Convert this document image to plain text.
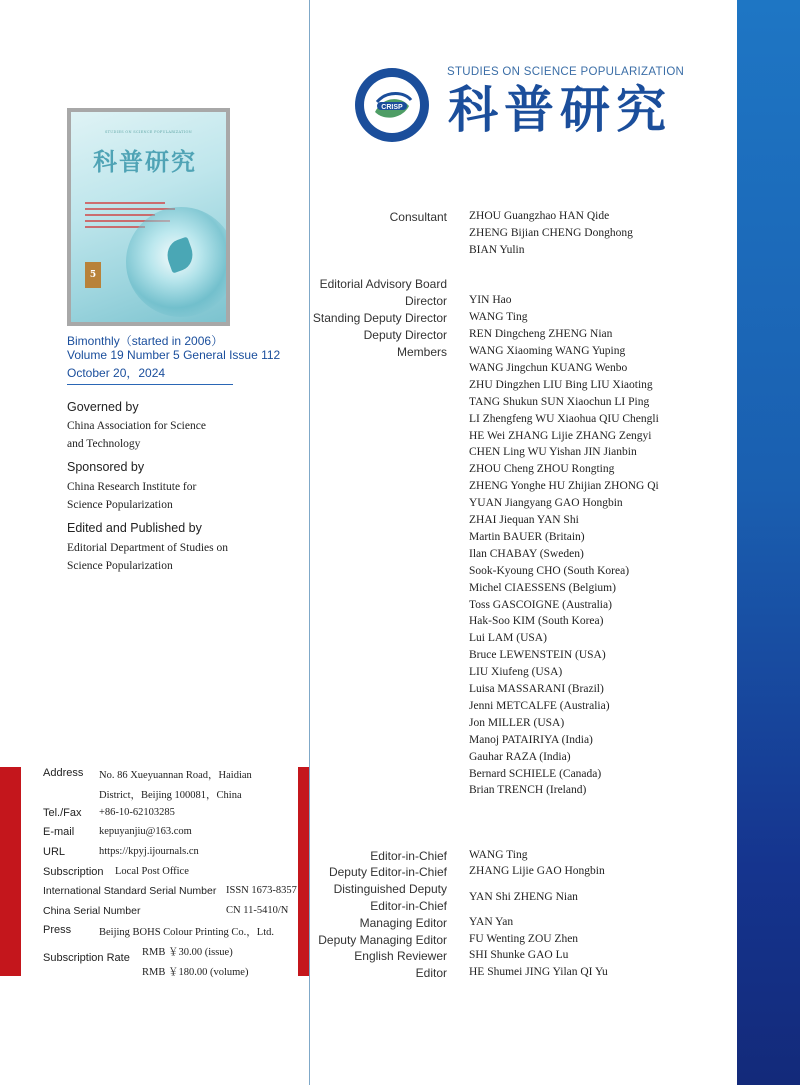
STUDIES ON SCIENCE POPULARIZATION
科普研究
5
Bimonthly（started in 2006）
Volume 19 Number 5 General Issue 112
October 20，2024
Governed by
China Association for Science
and Technology
Sponsored by
China Research Institute for
Science Popularization
Edited and Published by
Editorial Department of Studies on
Science Popularization
Address No. 86 Xueyuannan Road，Haidian
District，Beijing 100081，China
Tel./Fax +86-10-62103285
E-mail kepuyanjiu@163.com
URL	https://kpyj.ijournals.cn
Subscription Local Post Office
International Standard Serial Number ISSN 1673-8357
China Serial Number	CN 11-5410/N
Press	Beijing BOHS Colour Printing Co.，Ltd.
Subscription Rate RMB ￥30.00 (issue)
RMB ￥180.00 (volume)
CRISP
STUDIES ON SCIENCE POPULARIZATION
科普研究
Consultant ZHOU Guangzhao HAN Qide
ZHENG Bijian CHENG Donghong
BIAN Yulin
Editorial Advisory Board
Director YIN Hao
Standing Deputy Director WANG Ting
Deputy Director REN Dingcheng ZHENG Nian
Members WANG Xiaoming WANG Yuping
WANG Jingchun KUANG Wenbo
ZHU Dingzhen LIU Bing LIU Xiaoting
TANG Shukun SUN Xiaochun LI Ping
LI Zhengfeng WU Xiaohua QIU Chengli
HE Wei ZHANG Lijie ZHANG Zengyi
CHEN Ling WU Yishan JIN Jianbin
ZHOU Cheng ZHOU Rongting
ZHENG Yonghe HU Zhijian ZHONG Qi
YUAN Jiangyang GAO Hongbin
ZHAI Jiequan YAN Shi
Martin BAUER (Britain)
Ilan CHABAY (Sweden)
Sook-Kyoung CHO (South Korea)
Michel CIAESSENS (Belgium)
Toss GASCOIGNE (Australia)
Hak-Soo KIM (South Korea)
Lui LAM (USA)
Bruce LEWENSTEIN (USA)
LIU Xiufeng (USA)
Luisa MASSARANI (Brazil)
Jenni METCALFE (Australia)
Jon MILLER (USA)
Manoj PATAIRIYA (India)
Gauhar RAZA (India)
Bernard SCHIELE (Canada)
Brian TRENCH (Ireland)
Editor-in-Chief WANG Ting
Deputy Editor-in-Chief ZHANG Lijie GAO Hongbin
Distinguished Deputy
Editor-in-Chief
YAN Shi ZHENG Nian
Managing Editor YAN Yan
Deputy Managing Editor FU Wenting ZOU Zhen
English Reviewer SHI Shunke GAO Lu
Editor HE Shumei JING Yilan QI Yu
